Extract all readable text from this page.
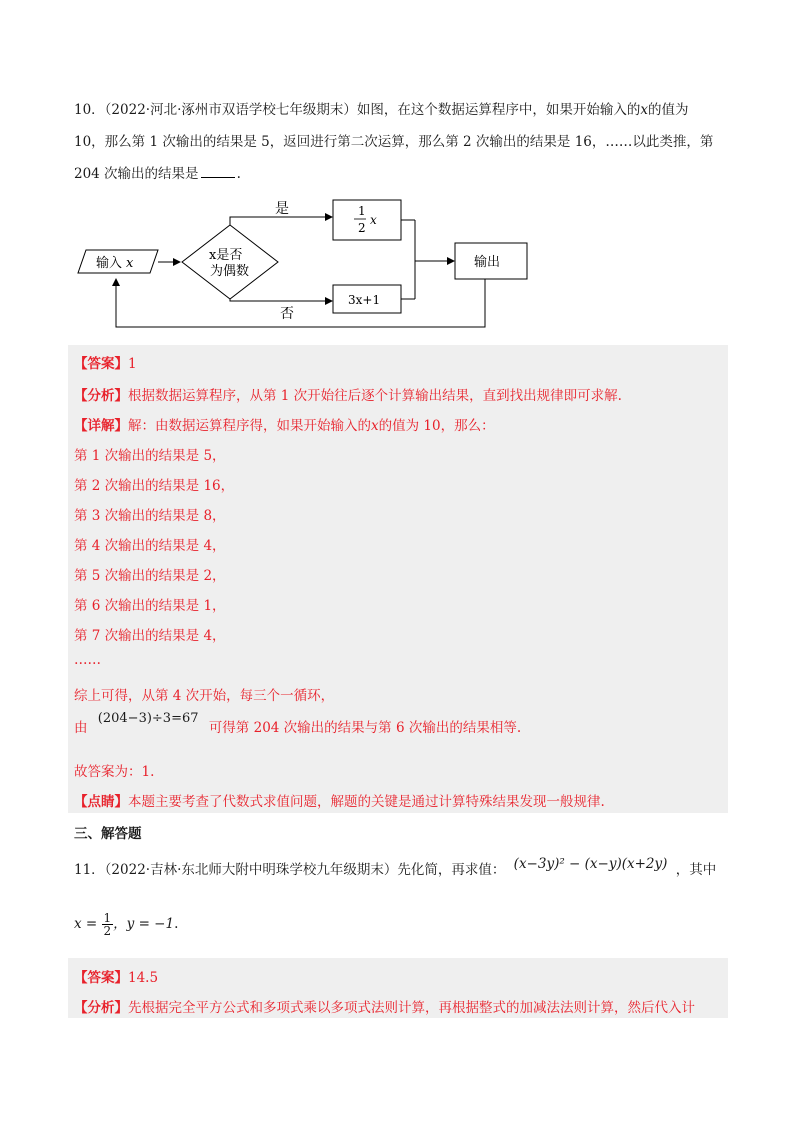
10．（2022·河北·涿州市双语学校七年级期末）如图，在这个数据运算程序中，如果开始输入的x的值为
10，那么第 1 次输出的结果是 5，返回进行第二次运算，那么第 2 次输出的结果是 16，……以此类推，第
204 次输出的结果是	.
输入 x
x是否
为偶数
是	1
2
x
否
3x+1
输出
【答案】1
【分析】根据数据运算程序，从第 1 次开始往后逐个计算输出结果，直到找出规律即可求解.
【详解】解：由数据运算程序得，如果开始输入的x的值为 10，那么：
第 1 次输出的结果是 5，
第 2 次输出的结果是 16，
第 3 次输出的结果是 8，
第 4 次输出的结果是 4，
第 5 次输出的结果是 2，
第 6 次输出的结果是 1，
第 7 次输出的结果是 4，
……
综上可得，从第 4 次开始，每三个一循环，
由 (204−3)÷3=67 可得第 204 次输出的结果与第 6 次输出的结果相等.
故答案为：1.
【点睛】本题主要考查了代数式求值问题，解题的关键是通过计算特殊结果发现一般规律.
三、解答题
11．（2022·吉林·东北师大附中明珠学校九年级期末）先化简，再求值： (x−3y)² − (x−y)(x+2y) ，其中
$x = \frac{1}{2}$ ，y = −1.
【答案】14.5
【分析】先根据完全平方公式和多项式乘以多项式法则计算，再根据整式的加减法法则计算，然后代入计
